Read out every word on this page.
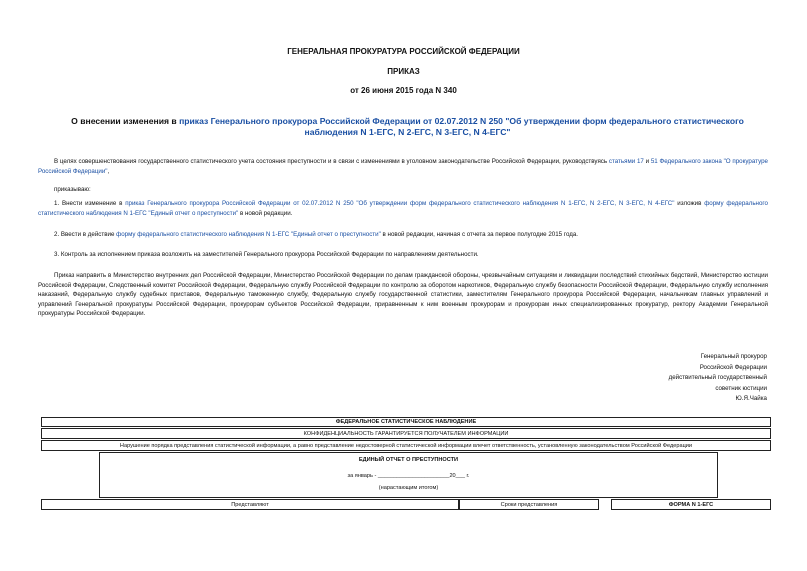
ГЕНЕРАЛЬНАЯ ПРОКУРАТУРА РОССИЙСКОЙ ФЕДЕРАЦИИ
ПРИКАЗ
от 26 июня 2015 года N 340
О внесении изменения в приказ Генерального прокурора Российской Федерации от 02.07.2012 N 250 "Об утверждении форм федерального статистического наблюдения N 1-ЕГС, N 2-ЕГС, N 3-ЕГС, N 4-ЕГС"
В целях совершенствования государственного статистического учета состояния преступности и в связи с изменениями в уголовном законодательстве Российской Федерации, руководствуясь статьями 17 и 51 Федерального закона "О прокуратуре Российской Федерации",
приказываю:
1. Внести изменение в приказ Генерального прокурора Российской Федерации от 02.07.2012 N 250 "Об утверждении форм федерального статистического наблюдения N 1-ЕГС, N 2-ЕГС, N 3-ЕГС, N 4-ЕГС" изложив форму федерального статистического наблюдения N 1-ЕГС "Единый отчет о преступности" в новой редакции.
2. Ввести в действие форму федерального статистического наблюдения N 1-ЕГС "Единый отчет о преступности" в новой редакции, начиная с отчета за первое полугодие 2015 года.
3. Контроль за исполнением приказа возложить на заместителей Генерального прокурора Российской Федерации по направлениям деятельности.
Приказ направить в Министерство внутренних дел Российской Федерации, Министерство Российской Федерации по делам гражданской обороны, чрезвычайным ситуациям и ликвидации последствий стихийных бедствий, Министерство юстиции Российской Федерации, Следственный комитет Российской Федерации, Федеральную службу Российской Федерации по контролю за оборотом наркотиков, Федеральную службу безопасности Российской Федерации, Федеральную службу исполнения наказаний, Федеральную службу судебных приставов, Федеральную таможенную службу, Федеральную службу государственной статистики, заместителям Генерального прокурора Российской Федерации, начальникам главных управлений и управлений Генеральной прокуратуры Российской Федерации, прокурорам субъектов Российской Федерации, приравненным к ним военным прокурорам и прокурорам иных специализированных прокуратур, ректору Академии Генеральной прокуратуры Российской Федерации.
Генеральный прокурор
Российской Федерации
действительный государственный
советник юстиции
Ю.Я.Чайка
ФЕДЕРАЛЬНОЕ СТАТИСТИЧЕСКОЕ НАБЛЮДЕНИЕ
КОНФИДЕНЦИАЛЬНОСТЬ ГАРАНТИРУЕТСЯ ПОЛУЧАТЕЛЕМ ИНФОРМАЦИИ
Нарушение порядка представления статистической информации, а равно представление недостоверной статистической информации влечет ответственность, установленную законодательством Российской Федерации
ЕДИНЫЙ ОТЧЕТ О ПРЕСТУПНОСТИ
за январь - _______________________20___ г.
(нарастающим итогом)
Представляют	Сроки представления	ФОРМА N 1-ЕГС
